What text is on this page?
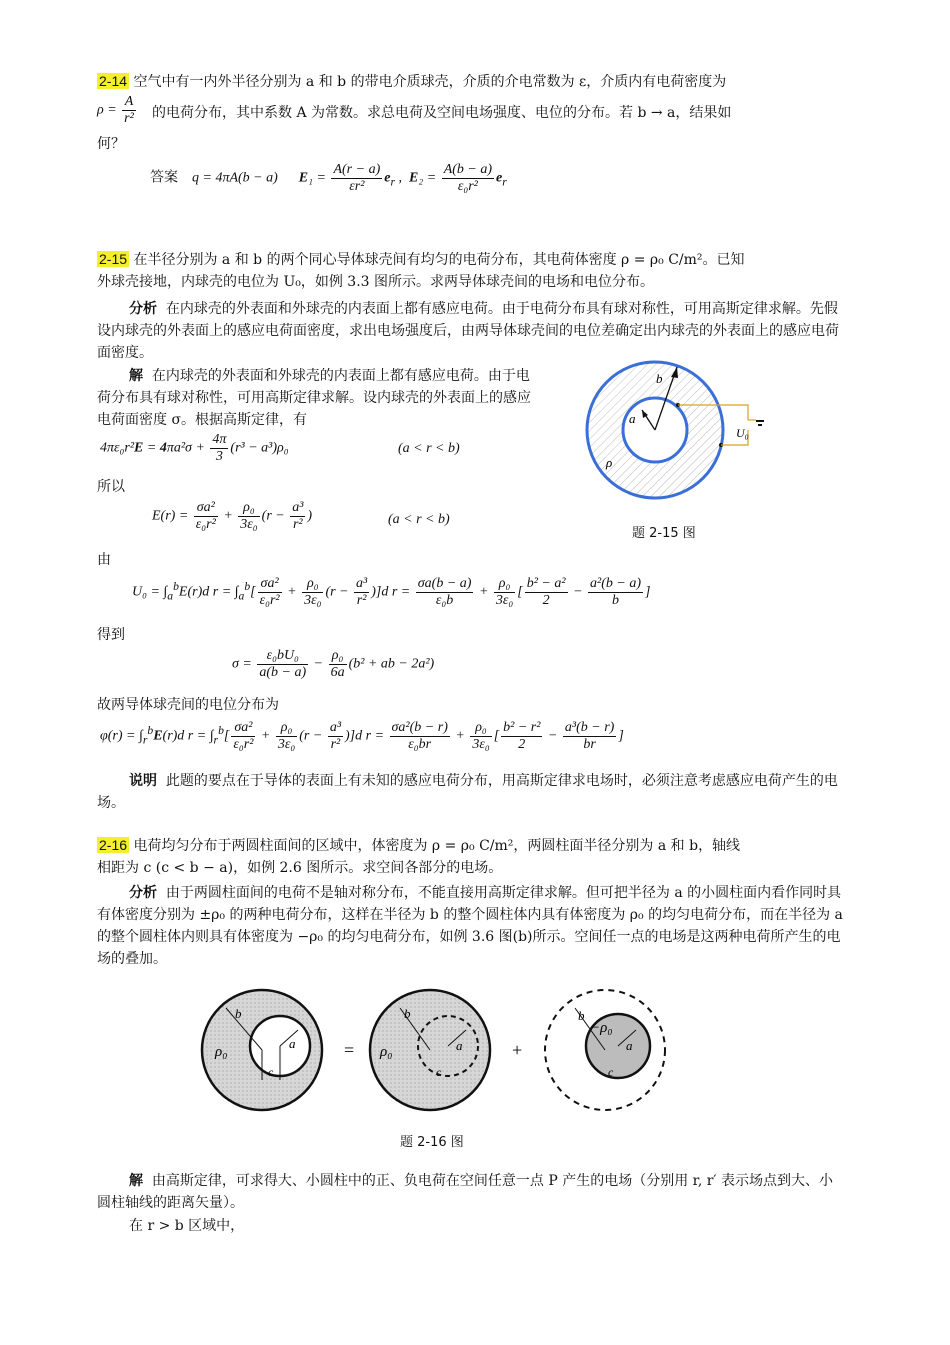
2-14 空气中有一内外半径分别为 a 和 b 的带电介质球壳，介质的介电常数为 ε，介质内有电荷密度为

$\rho = \frac{A}{\text{r²}}$ 的电荷分布，其中系数 A 为常数。求总电荷及空间电场强度、电位的分布。若 b → a，结果如

何？

答案 q = 4πA(b − a) $E_1 = \frac{A(r - a)}{\text{εr²}} e_r$ ,  $E_2 = \frac{A(b - a)}{\text{ε₀r²}} e_r$

2-15 在半径分别为 a 和 b 的两个同心导体球壳间有均匀的电荷分布，其电荷体密度 ρ = ρ₀ C/m²。已知

外球壳接地，内球壳的电位为 U₀，如例 3.3 图所示。求两导体球壳间的电场和电位分布。

分析 在内球壳的外表面和外球壳的内表面上都有感应电荷。由于电荷分布具有球对称性，可用高斯定律求解。先假设内球壳的外表面上的感应电荷面密度，求出电场强度后，由两导体球壳间的电位差确定出内球壳的外表面上的感应电荷面密度。

解 在内球壳的外表面和外球壳的内表面上都有感应电荷。由于电荷分布具有球对称性，可用高斯定律求解。设内球壳的外表面上的感应电荷面密度 σ。根据高斯定律，有

$4\pi\varepsilon_0r^2E = 4\pi a^2\sigma + \frac{4\pi}{3} (r^3 - a^3)\rho_0$	(a < r < b)

所以

$E(r) = \frac{\text{σa²}}{\text{ε₀r²}} + \frac{\text{ρ₀}}{\text{3ε₀}} (r - \frac{\text{a³}}{\text{r²}}$ )	(a < r < b)
b
a
ρ
U₀
题 2-15 图

由

$U_0 = \int_a^bE(r)d$ $r = \int_a^b[ \frac{\text{σa²}}{\text{ε₀r²}} + \frac{\text{ρ₀}}{\text{3ε₀}} (r - \frac{\text{a³}}{\text{r²}} )]d$ $r = \frac{\sigma a(b - a)}{\text{ε₀b}} + \frac{\text{ρ₀}}{\text{3ε₀}}$ [ $\frac{\text{b² − a²}}{2} - \frac{\text{a²(b − a)}}{b}$ ]

得到

$\sigma = \frac{\text{ε₀bU₀}}{a(b - a)} - \frac{\text{ρ₀}}{6a} (b^2$ + ab − 2a²)

故两导体球壳间的电位分布为

$\varphi(r) = \int_r^bE(r)d$ $r = \int_r^b[ \frac{\text{σa²}}{\text{ε₀r²}} + \frac{\text{ρ₀}}{\text{3ε₀}} (r - \frac{\text{a³}}{\text{r²}} )]d$ $r = \frac{\text{σa²(b − r)}}{\text{ε₀br}} + \frac{\text{ρ₀}}{\text{3ε₀}}$ [ $\frac{\text{b² − r²}}{2} - \frac{\text{a³(b − r)}}{br}$ ]

说明 此题的要点在于导体的表面上有未知的感应电荷分布，用高斯定律求电场时，必须注意考虑感应电荷产生的电场。

2-16 电荷均匀分布于两圆柱面间的区域中，体密度为 ρ = ρ₀ C/m²，两圆柱面半径分别为 a 和 b，轴线

相距为 c (c < b − a)，如例 2.6 图所示。求空间各部分的电场。

分析 由于两圆柱面间的电荷不是轴对称分布，不能直接用高斯定律求解。但可把半径为 a 的小圆柱面内看作同时具有体密度分别为 ±ρ₀ 的两种电荷分布，这样在半径为 b 的整个圆柱体内具有体密度为 ρ₀ 的均匀电荷分布，而在半径为 a 的整个圆柱体内则具有体密度为 −ρ₀ 的均匀电荷分布，如例 3.6 图(b)所示。空间任一点的电场是这两种电荷所产生的电场的叠加。

b
a
c
ρ₀	=
b
a
c
ρ₀	+
b
a
c
−ρ₀
题 2-16 图

解 由高斯定律，可求得大、小圆柱中的正、负电荷在空间任意一点 P 产生的电场（分别用 r, r′ 表示场点到大、小圆柱轴线的距离矢量）。

在 r > b 区域中，
